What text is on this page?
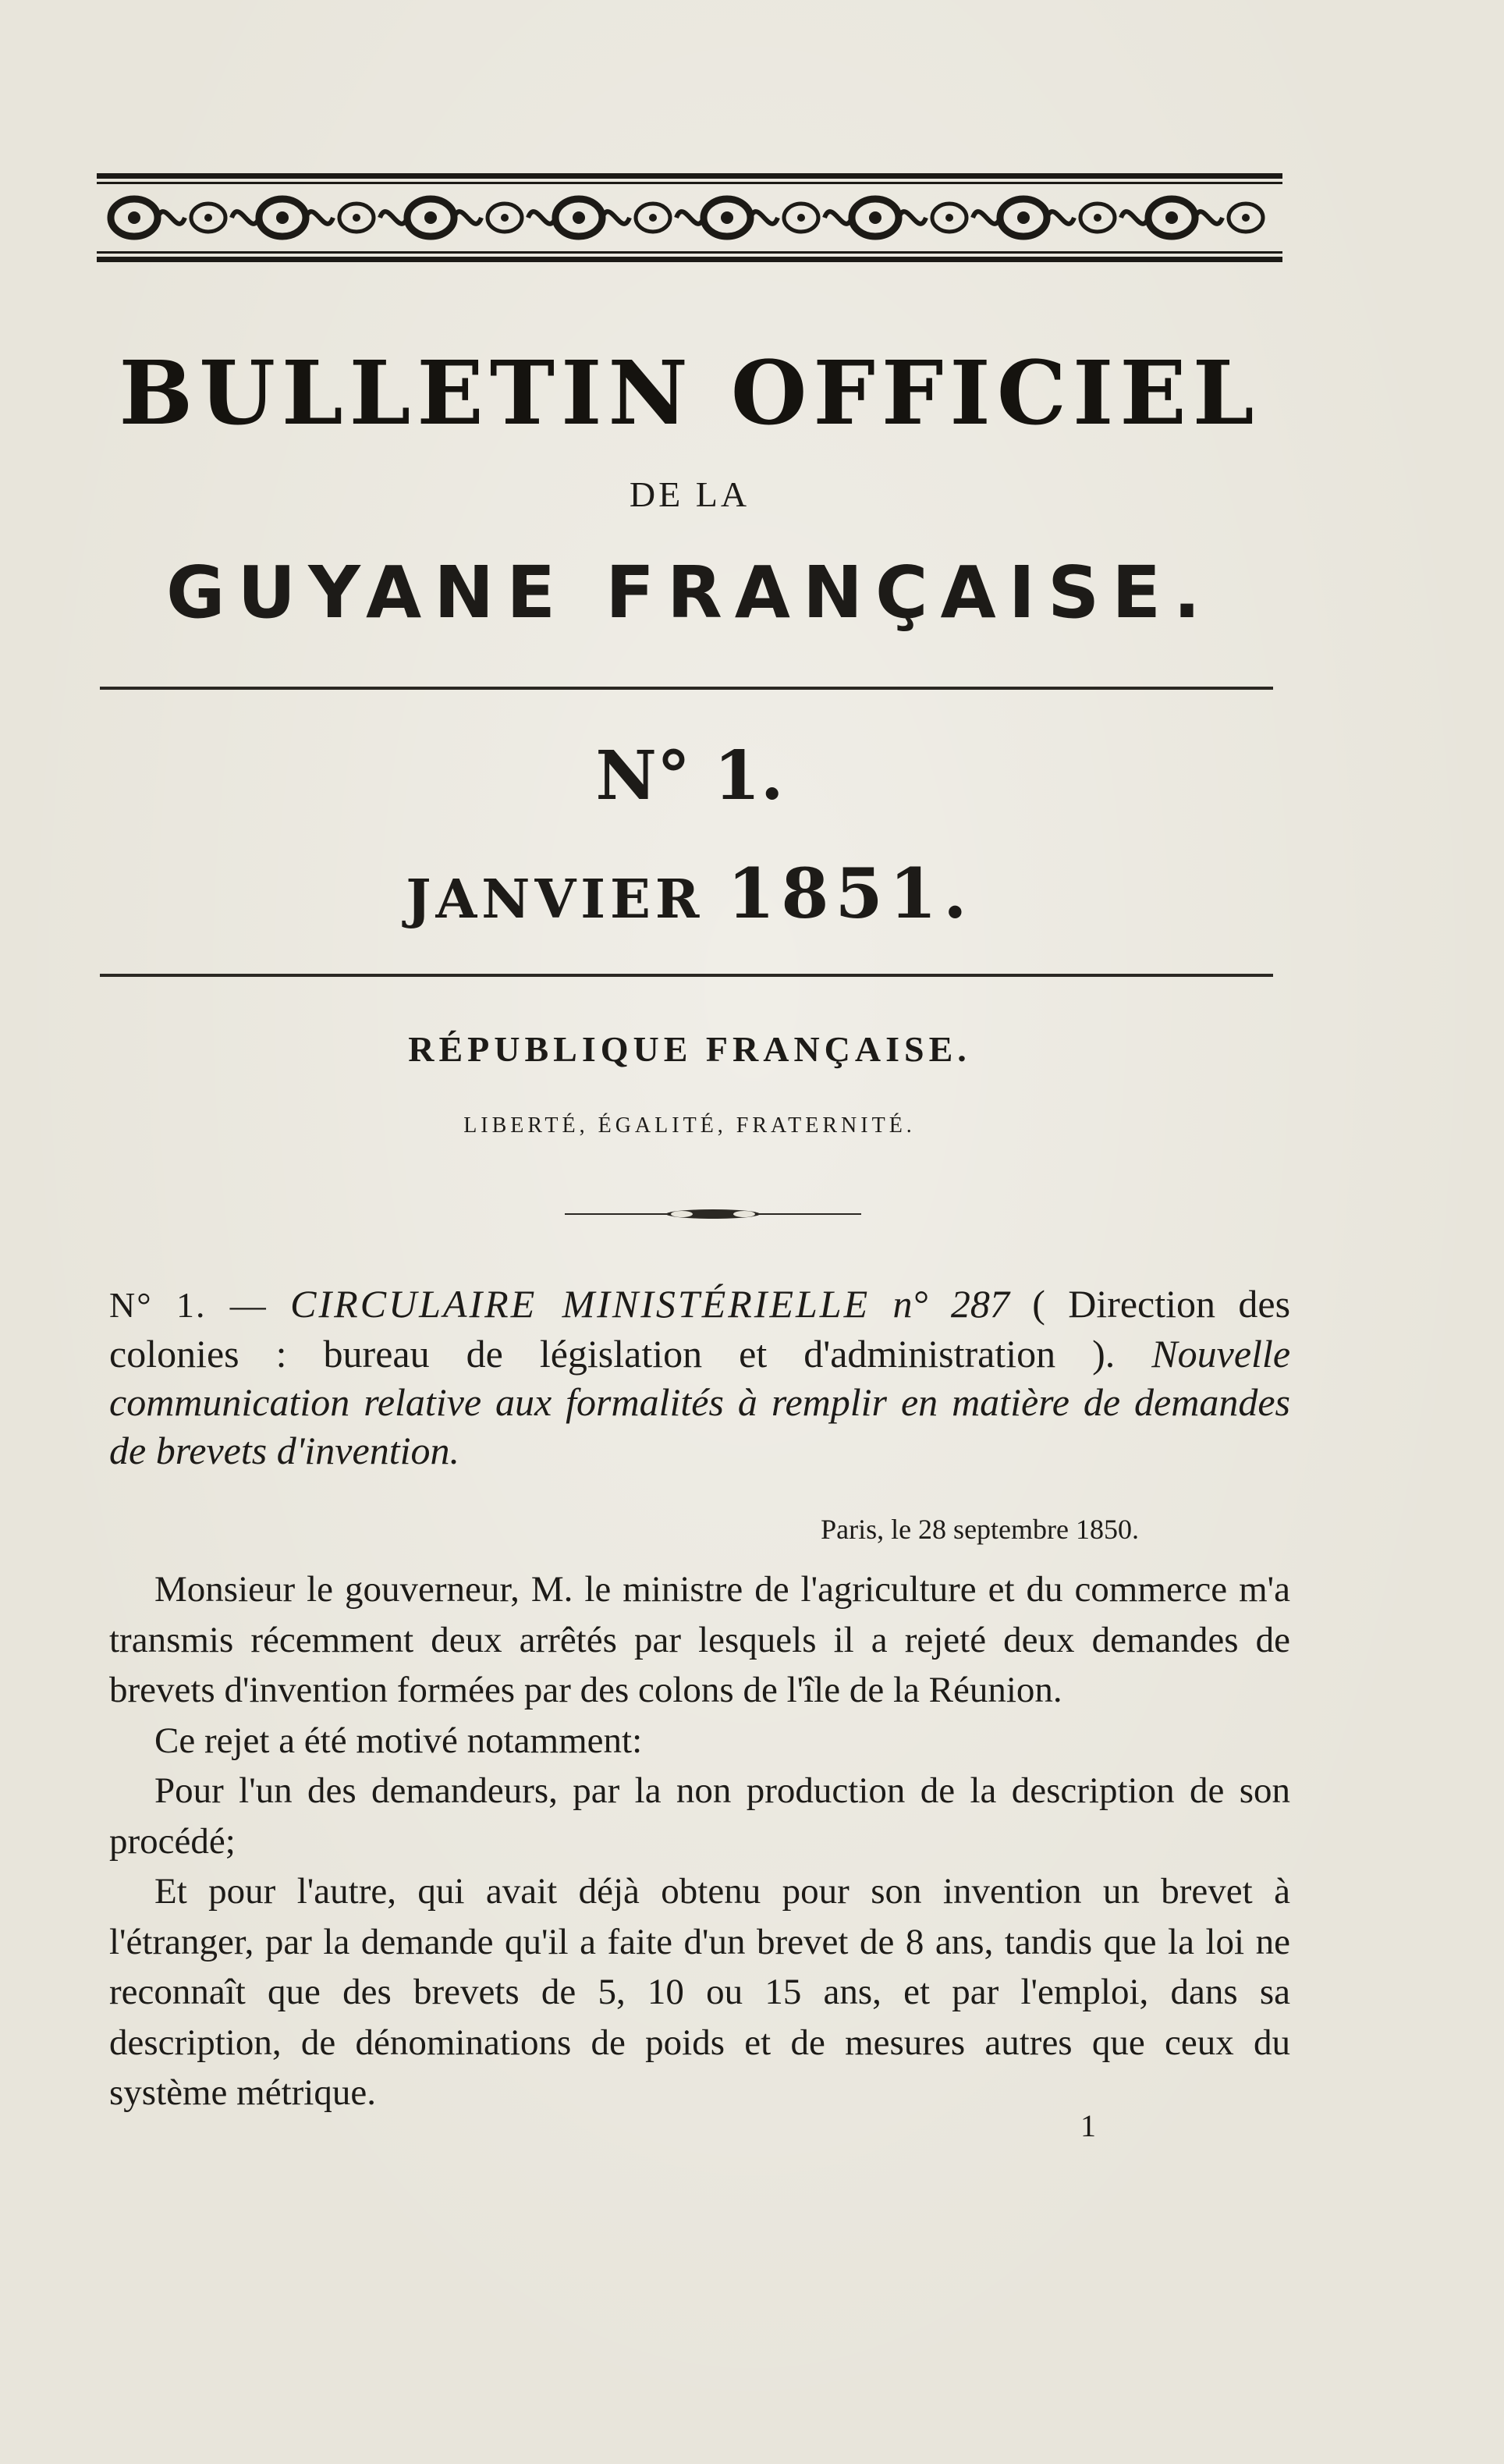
BULLETIN OFFICIEL
DE LA
GUYANE FRANÇAISE.
N° 1.
JANVIER 1851.
RÉPUBLIQUE FRANÇAISE.
LIBERTÉ, ÉGALITÉ, FRATERNITÉ.
N° 1. — CIRCULAIRE MINISTÉRIELLE n° 287 ( Direction des colonies : bureau de législation et d'administration ). Nouvelle communication relative aux formalités à remplir en matière de demandes de brevets d'invention.
Paris, le 28 septembre 1850.

Monsieur le gouverneur, M. le ministre de l'agriculture et du commerce m'a transmis récemment deux arrêtés par lesquels il a rejeté deux demandes de brevets d'invention formées par des colons de l'île de la Réunion.

Ce rejet a été motivé notamment:

Pour l'un des demandeurs, par la non production de la description de son procédé;

Et pour l'autre, qui avait déjà obtenu pour son invention un brevet à l'étranger, par la demande qu'il a faite d'un brevet de 8 ans, tandis que la loi ne reconnaît que des brevets de 5, 10 ou 15 ans, et par l'emploi, dans sa description, de dénominations de poids et de mesures autres que ceux du système métrique.

1
